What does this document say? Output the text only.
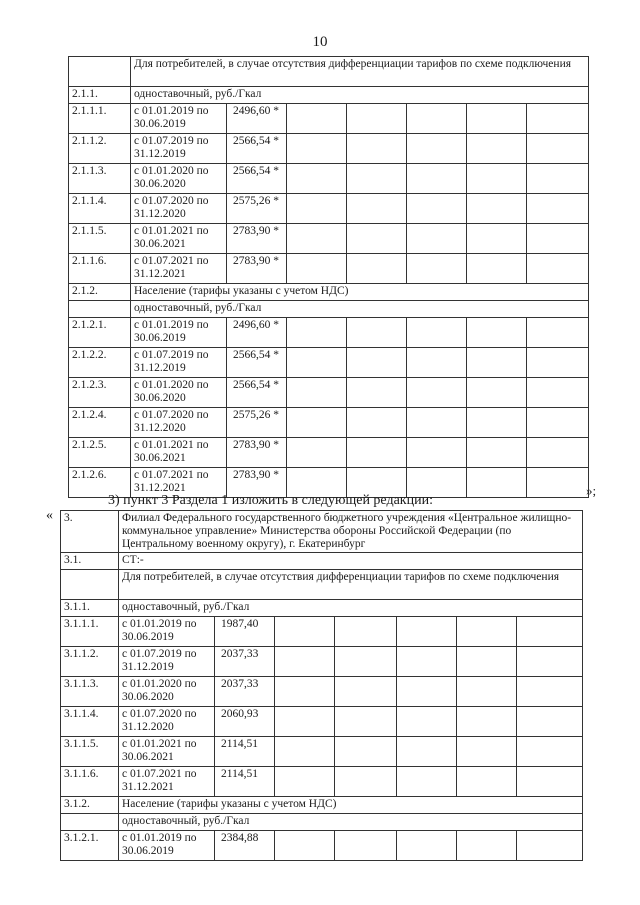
10
	Для потребителей, в случае отсутствия дифференциации тарифов по схеме подключения						
2.1.1.	одноставочный, руб./Гкал						
2.1.1.1.	с 01.01.2019 по 30.06.2019	2496,60 *					
2.1.1.2.	с 01.07.2019 по 31.12.2019	2566,54 *					
2.1.1.3.	с 01.01.2020 по 30.06.2020	2566,54 *					
2.1.1.4.	с 01.07.2020 по 31.12.2020	2575,26 *					
2.1.1.5.	с 01.01.2021 по 30.06.2021	2783,90 *					
2.1.1.6.	с 01.07.2021 по 31.12.2021	2783,90 *					
2.1.2.	Население (тарифы указаны с учетом НДС)						
	одноставочный, руб./Гкал						
2.1.2.1.	с 01.01.2019 по 30.06.2019	2496,60 *					
2.1.2.2.	с 01.07.2019 по 31.12.2019	2566,54 *					
2.1.2.3.	с 01.01.2020 по 30.06.2020	2566,54 *					
2.1.2.4.	с 01.07.2020 по 31.12.2020	2575,26 *					
2.1.2.5.	с 01.01.2021 по 30.06.2021	2783,90 *					
2.1.2.6.	с 01.07.2021 по 31.12.2021	2783,90 *					
»;
3) пункт 3 Раздела 1 изложить в следующей редакции:
« 3.	Филиал Федерального государственного бюджетного учреждения «Центральное жилищно-коммунальное управление» Министерства обороны Российской Федерации (по Центральному военному округу), г. Екатеринбург						
3.1.	СТ:-						
	Для потребителей, в случае отсутствия дифференциации тарифов по схеме подключения						
3.1.1.	одноставочный, руб./Гкал						
3.1.1.1.	с 01.01.2019 по 30.06.2019	1987,40					
3.1.1.2.	с 01.07.2019 по 31.12.2019	2037,33					
3.1.1.3.	с 01.01.2020 по 30.06.2020	2037,33					
3.1.1.4.	с 01.07.2020 по 31.12.2020	2060,93					
3.1.1.5.	с 01.01.2021 по 30.06.2021	2114,51					
3.1.1.6.	с 01.07.2021 по 31.12.2021	2114,51					
3.1.2.	Население (тарифы указаны с учетом НДС)						
	одноставочный, руб./Гкал						
3.1.2.1.	с 01.01.2019 по 30.06.2019	2384,88					
